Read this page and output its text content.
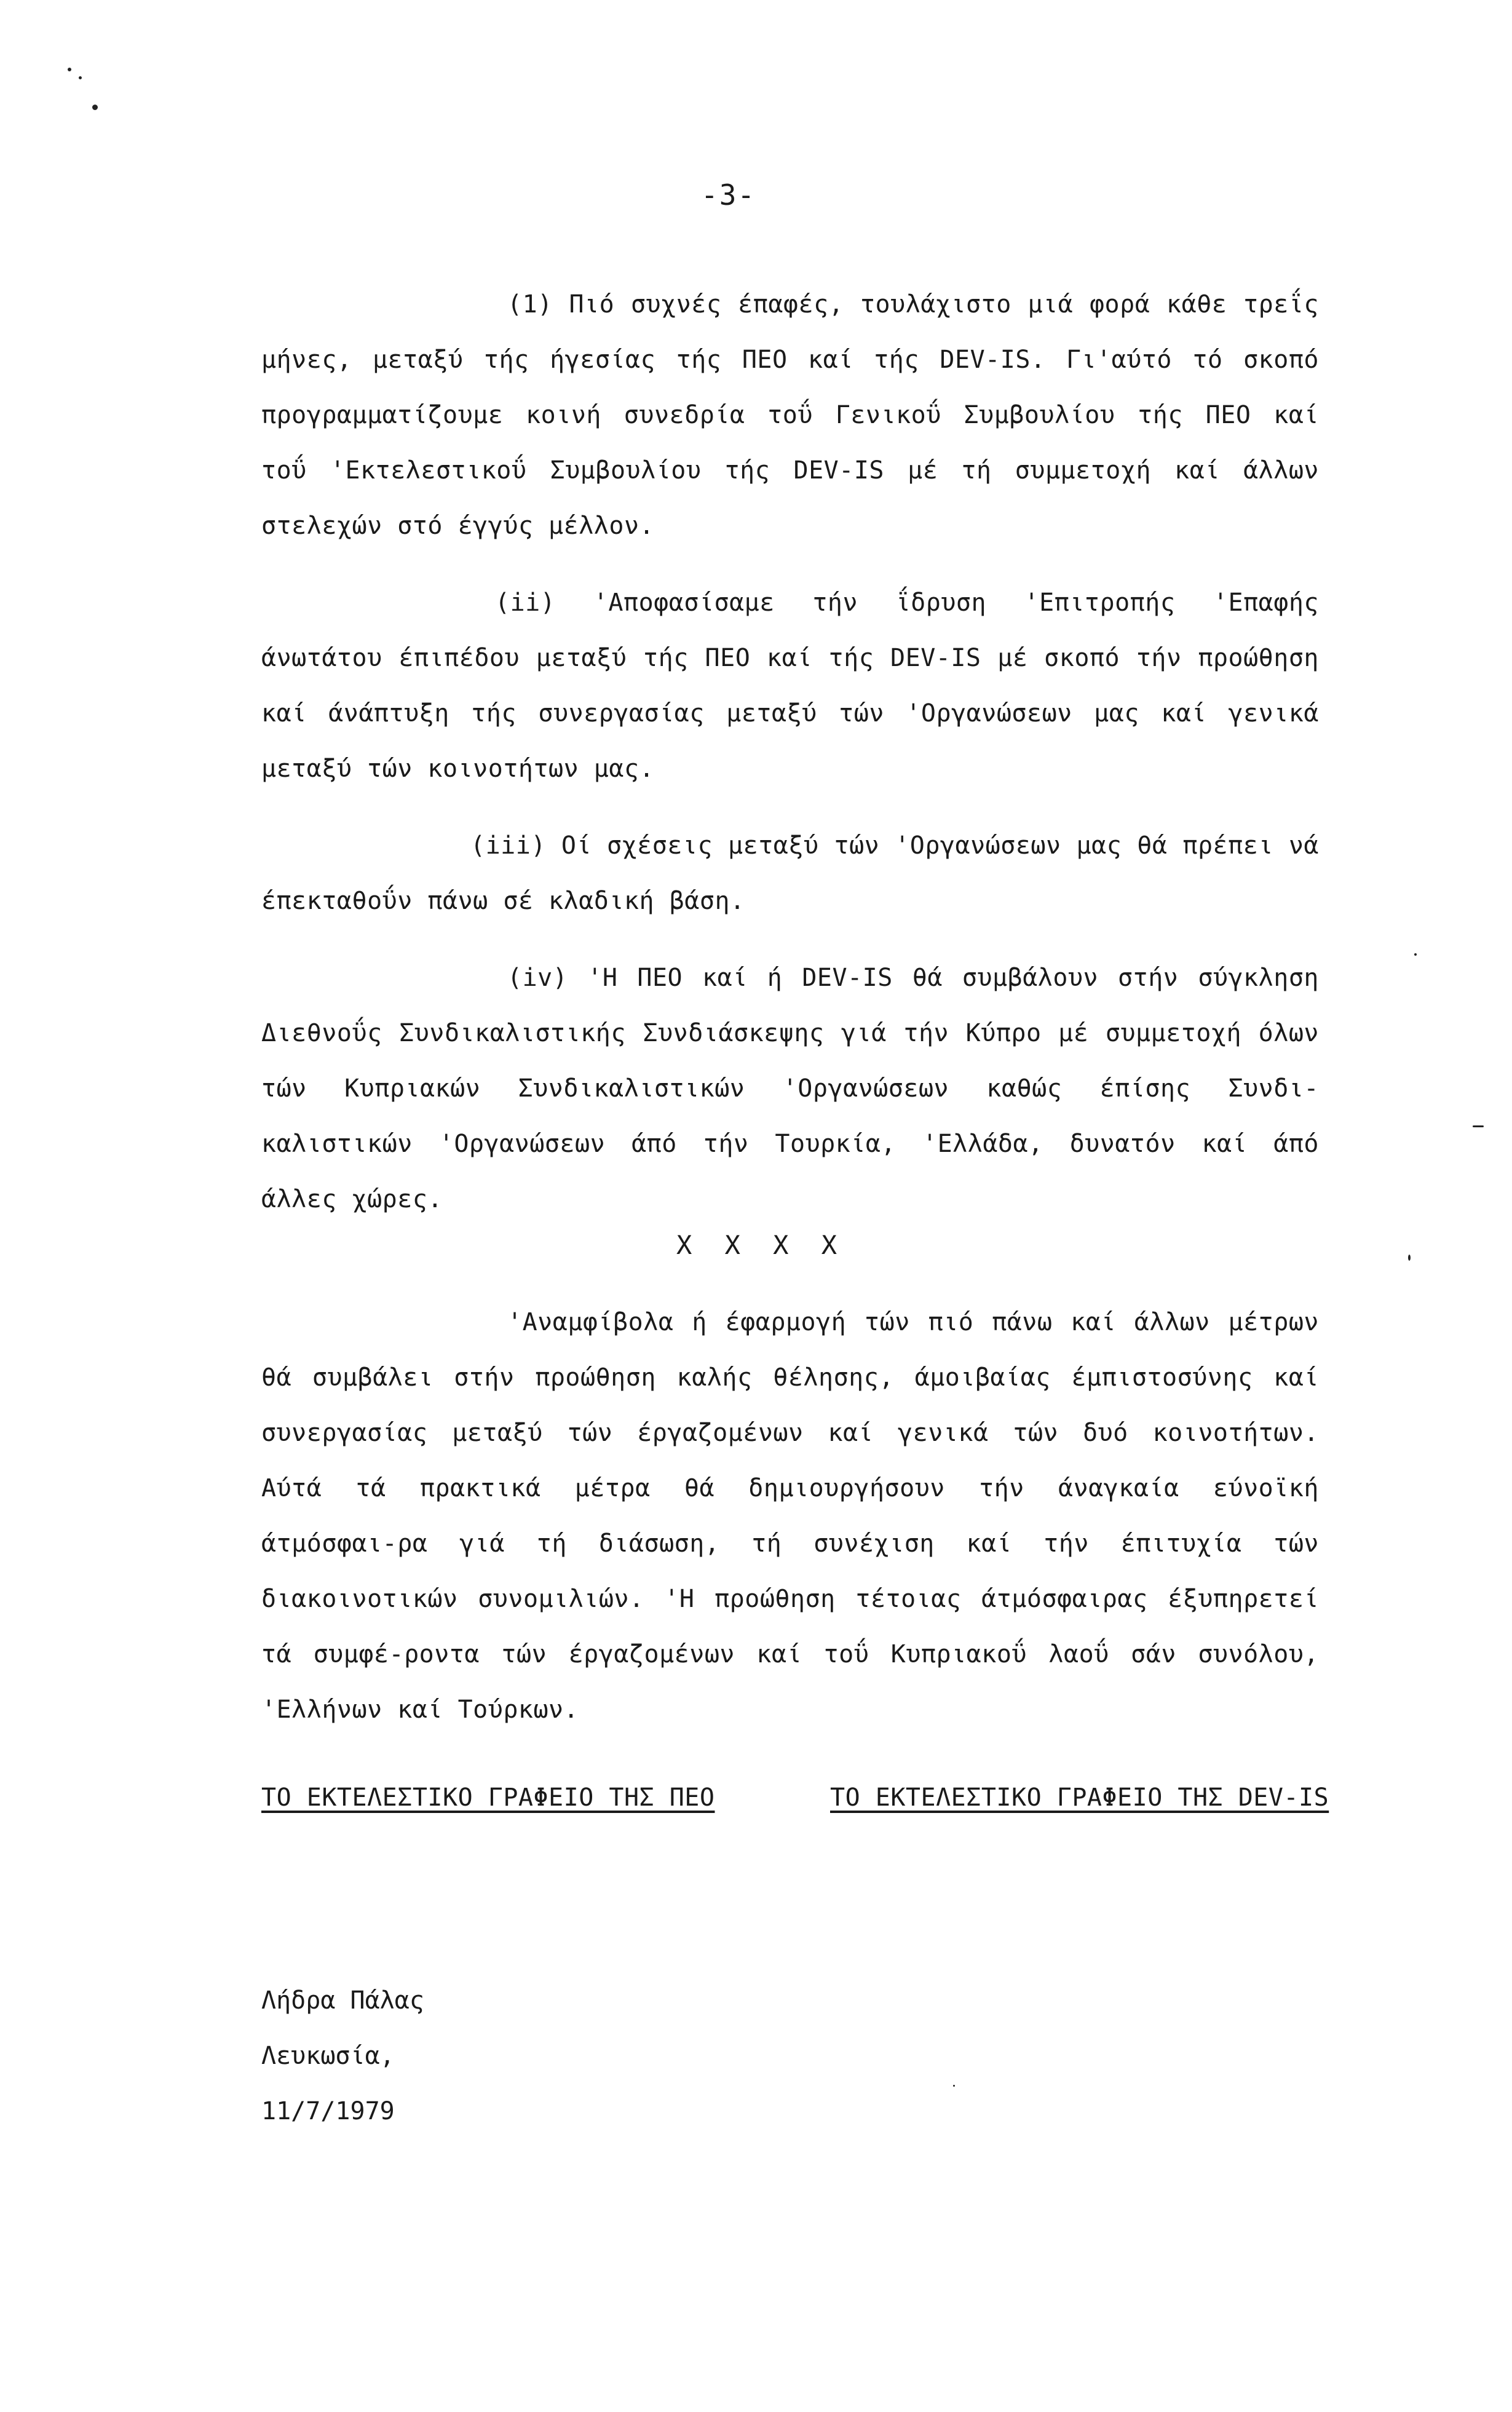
-3-

(1) Πιό συχνές έπαφές, τουλάχιστο μιά φορά κάθε τρεΐς μήνες, μεταξύ τής ήγεσίας τής ΠΕΟ καί τής DEV-IS. Γι'αύτό τό σκοπό προγραμματίζουμε κοινή συνεδρία τοΰ Γενικοΰ Συμβουλίου τής ΠΕΟ καί τοΰ 'Εκτελεστικοΰ Συμβουλίου τής DEV-IS μέ τή συμμετοχή καί άλλων στελεχών στό έγγύς μέλλον.

(ii) 'Αποφασίσαμε τήν ΐδρυση 'Επιτροπής 'Επαφής άνωτάτου έπιπέδου μεταξύ τής ΠΕΟ καί τής DEV-IS μέ σκοπό τήν προώθηση καί άνάπτυξη τής συνεργασίας μεταξύ τών 'Οργανώσεων μας καί γενικά μεταξύ τών κοινοτήτων μας.

(iii) Οί σχέσεις μεταξύ τών 'Οργανώσεων μας θά πρέπει νά έπεκταθοΰν πάνω σέ κλαδική βάση.

(iv) 'Η ΠΕΟ καί ή DEV-IS θά συμβάλουν στήν σύγκληση Διεθνοΰς Συνδικαλιστικής Συνδιάσκεψης γιά τήν Κύπρο μέ συμμετοχή όλων τών Κυπριακών Συνδικαλιστικών 'Οργανώσεων καθώς έπίσης Συνδι-καλιστικών 'Οργανώσεων άπό τήν Τουρκία, 'Ελλάδα, δυνατόν καί άπό άλλες χώρες.

X X X X

'Αναμφίβολα ή έφαρμογή τών πιό πάνω καί άλλων μέτρων θά συμβάλει στήν προώθηση καλής θέλησης, άμοιβαίας έμπιστοσύνης καί συνεργασίας μεταξύ τών έργαζομένων καί γενικά τών δυό κοινοτήτων. Αύτά τά πρακτικά μέτρα θά δημιουργήσουν τήν άναγκαία εύνοϊκή άτμόσφαι-ρα γιά τή διάσωση, τή συνέχιση καί τήν έπιτυχία τών διακοινοτικών συνομιλιών. 'Η προώθηση τέτοιας άτμόσφαιρας έξυπηρετεί τά συμφέ-ροντα τών έργαζομένων καί τοΰ Κυπριακοΰ λαοΰ σάν συνόλου, 'Ελλήνων καί Τούρκων.

ΤΟ ΕΚΤΕΛΕΣΤΙΚΟ ΓΡΑΦΕΙΟ ΤΗΣ ΠΕΟ	ΤΟ ΕΚΤΕΛΕΣΤΙΚΟ ΓΡΑΦΕΙΟ ΤΗΣ DEV-IS
Λήδρα Πάλας
Λευκωσία,
11/7/1979
